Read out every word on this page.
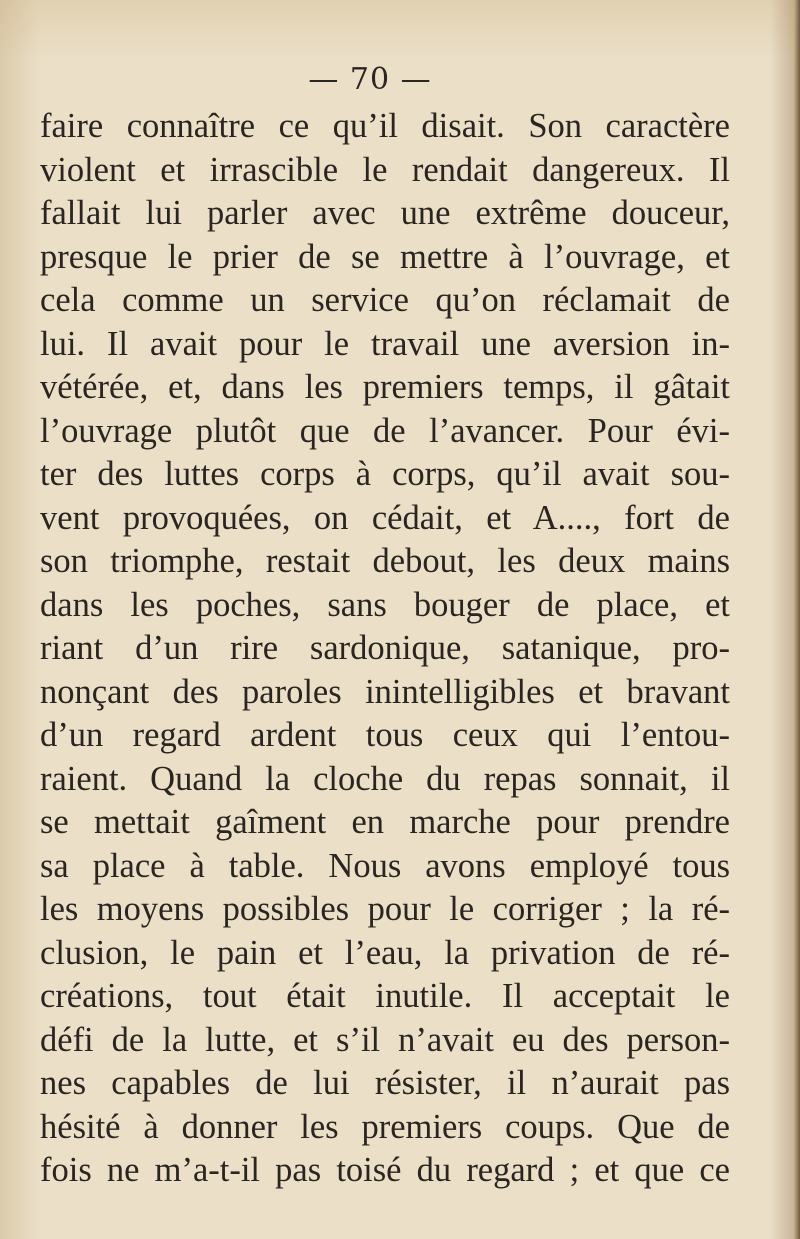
— 70 —
faire connaître ce qu’il disait. Son caractère
violent et irrascible le rendait dangereux. Il
fallait lui parler avec une extrême douceur,
presque le prier de se mettre à l’ouvrage, et
cela comme un service qu’on réclamait de
lui. Il avait pour le travail une aversion in-
vétérée, et, dans les premiers temps, il gâtait
l’ouvrage plutôt que de l’avancer. Pour évi-
ter des luttes corps à corps, qu’il avait sou-
vent provoquées, on cédait, et A...., fort de
son triomphe, restait debout, les deux mains
dans les poches, sans bouger de place, et
riant d’un rire sardonique, satanique, pro-
nonçant des paroles inintelligibles et bravant
d’un regard ardent tous ceux qui l’entou-
raient. Quand la cloche du repas sonnait, il
se mettait gaîment en marche pour prendre
sa place à table. Nous avons employé tous
les moyens possibles pour le corriger ; la ré-
clusion, le pain et l’eau, la privation de ré-
créations, tout était inutile. Il acceptait le
défi de la lutte, et s’il n’avait eu des person-
nes capables de lui résister, il n’aurait pas
hésité à donner les premiers coups. Que de
fois ne m’a-t-il pas toisé du regard ; et que ce
